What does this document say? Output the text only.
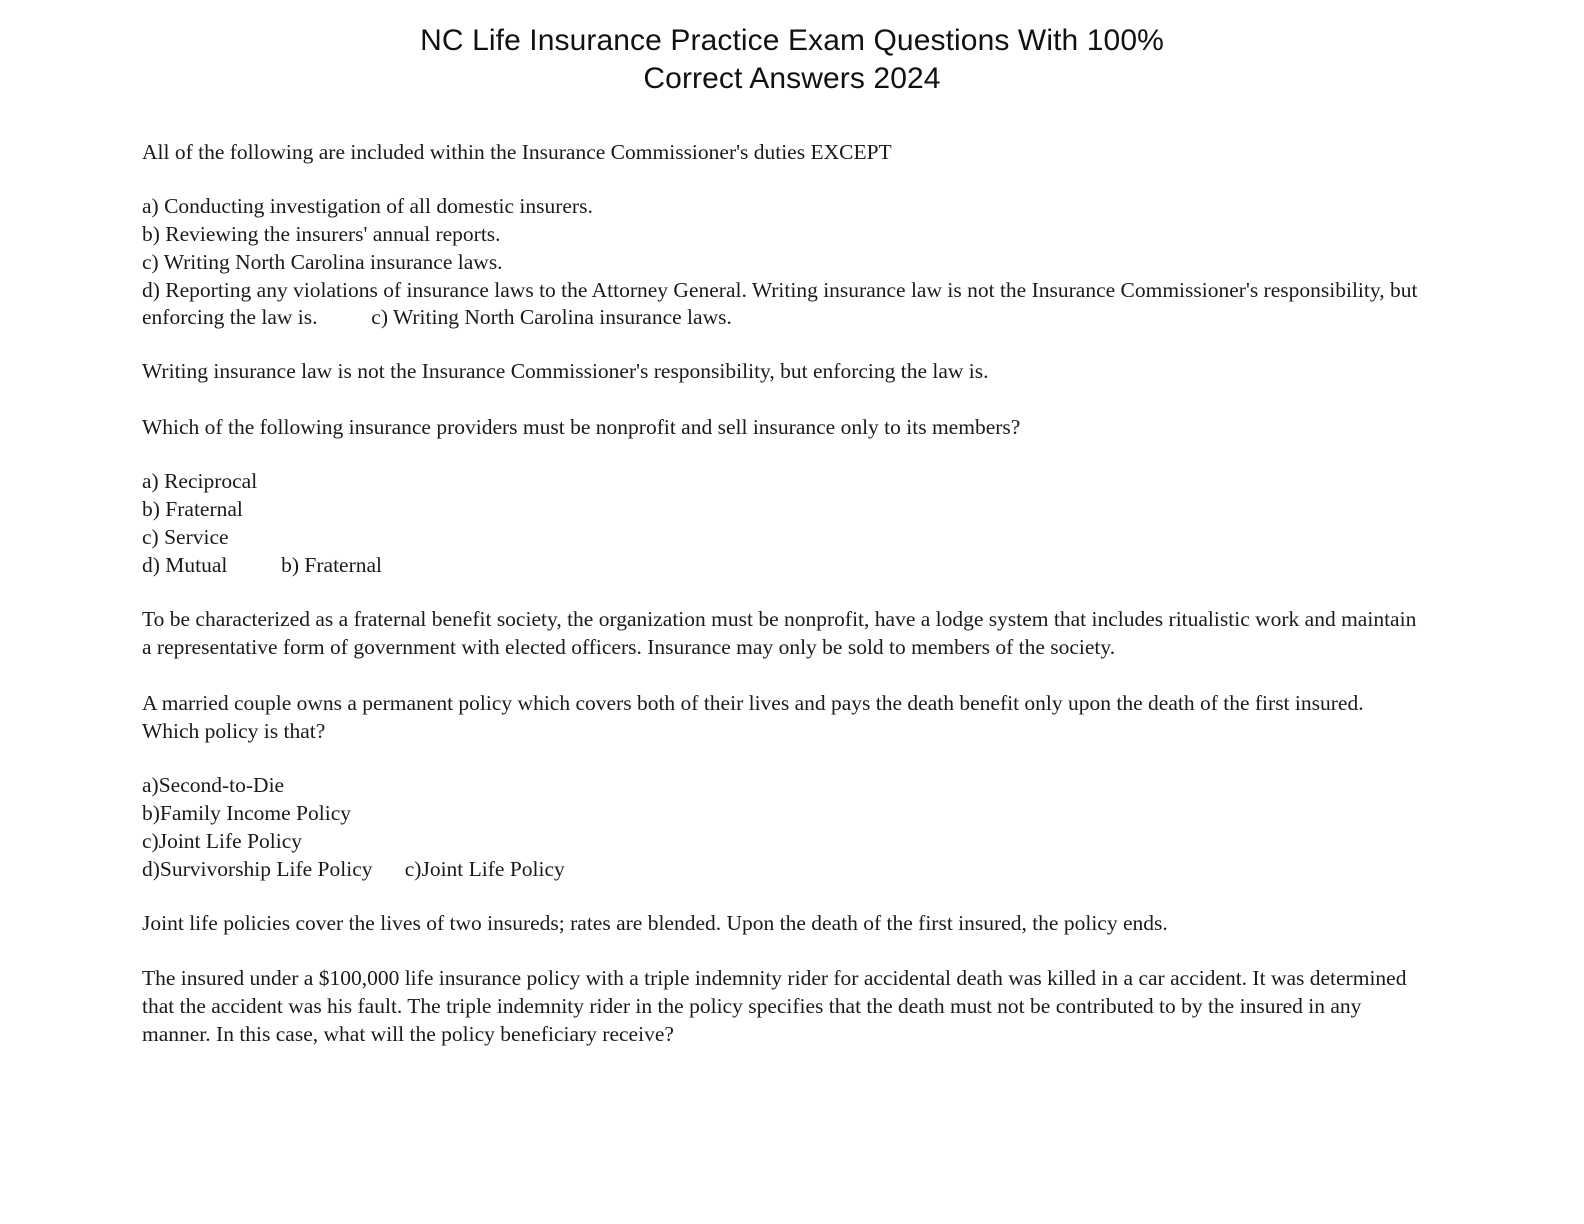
NC Life Insurance Practice Exam Questions With 100%
Correct Answers 2024
All of the following are included within the Insurance Commissioner's duties EXCEPT
a) Conducting investigation of all domestic insurers.
b) Reviewing the insurers' annual reports.
c) Writing North Carolina insurance laws.
d) Reporting any violations of insurance laws to the Attorney General. Writing insurance law is not the Insurance Commissioner's responsibility, but enforcing the law is.          c) Writing North Carolina insurance laws.
Writing insurance law is not the Insurance Commissioner's responsibility, but enforcing the law is.
Which of the following insurance providers must be nonprofit and sell insurance only to its members?
a) Reciprocal
b) Fraternal
c) Service
d) Mutual          b) Fraternal
To be characterized as a fraternal benefit society, the organization must be nonprofit, have a lodge system that includes ritualistic work and maintain a representative form of government with elected officers. Insurance may only be sold to members of the society.
A married couple owns a permanent policy which covers both of their lives and pays the death benefit only upon the death of the first insured. Which policy is that?
a)Second-to-Die
b)Family Income Policy
c)Joint Life Policy
d)Survivorship Life Policy      c)Joint Life Policy
Joint life policies cover the lives of two insureds; rates are blended. Upon the death of the first insured, the policy ends.
The insured under a $100,000 life insurance policy with a triple indemnity rider for accidental death was killed in a car accident. It was determined that the accident was his fault. The triple indemnity rider in the policy specifies that the death must not be contributed to by the insured in any manner. In this case, what will the policy beneficiary receive?
